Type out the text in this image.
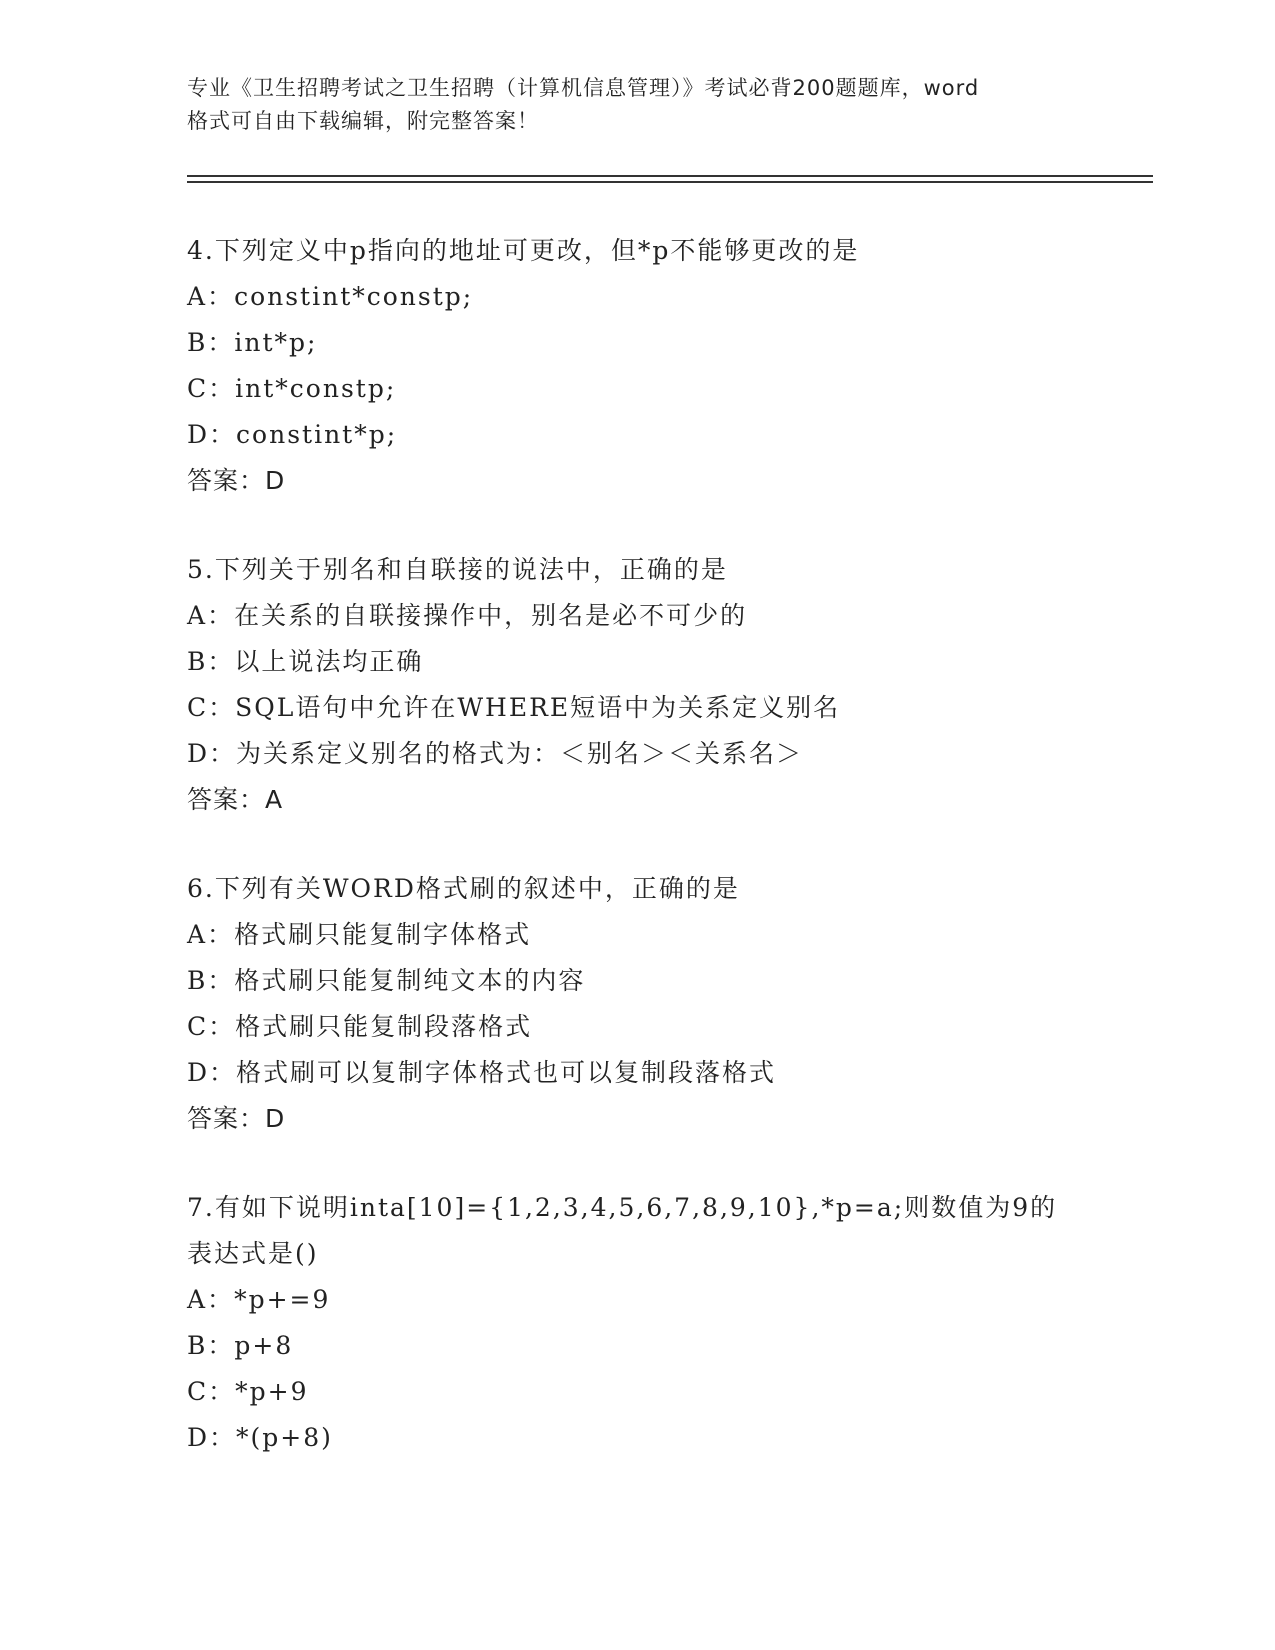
专业《卫生招聘考试之卫生招聘（计算机信息管理）》考试必背200题题库，word
格式可自由下载编辑，附完整答案！
4.下列定义中p指向的地址可更改，但*p不能够更改的是
A：constint*constp;
B：int*p;
C：int*constp;
D：constint*p;
答案：D
5.下列关于别名和自联接的说法中，正确的是
A：在关系的自联接操作中，别名是必不可少的
B：以上说法均正确
C：SQL语句中允许在WHERE短语中为关系定义别名
D：为关系定义别名的格式为：＜别名＞＜关系名＞
答案：A
6.下列有关WORD格式刷的叙述中，正确的是
A：格式刷只能复制字体格式
B：格式刷只能复制纯文本的内容
C：格式刷只能复制段落格式
D：格式刷可以复制字体格式也可以复制段落格式
答案：D
7.有如下说明inta[10]={1,2,3,4,5,6,7,8,9,10},*p=a;则数值为9的表达式是()
A：*p+=9
B：p+8
C：*p+9
D：*(p+8)
